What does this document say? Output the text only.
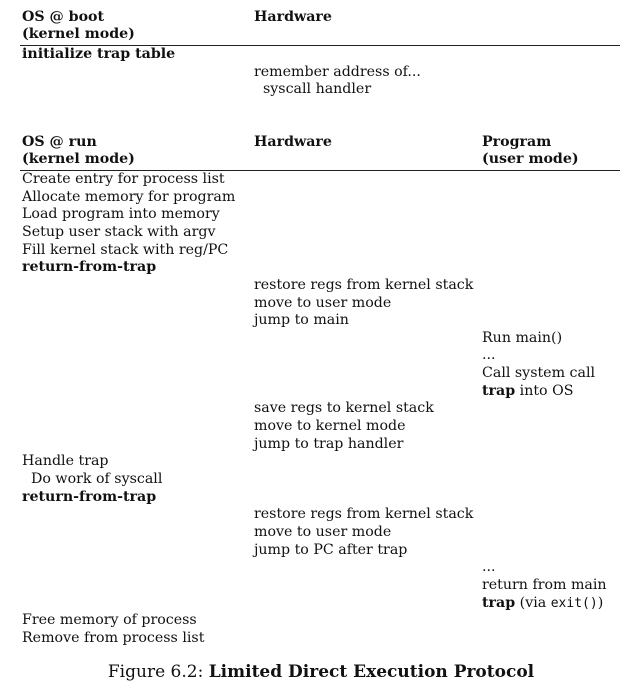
OS @ boot
(kernel mode)
Hardware
initialize trap table
remember address of...
syscall handler
OS @ run
(kernel mode)
Hardware	Program
(user mode)
Create entry for process list
Allocate memory for program
Load program into memory
Setup user stack with argv
Fill kernel stack with reg/PC
return-from-trap
restore regs from kernel stack
move to user mode
jump to main
Run main()
...
Call system call
trap into OS
save regs to kernel stack
move to kernel mode
jump to trap handler
Handle trap
Do work of syscall
return-from-trap
restore regs from kernel stack
move to user mode
jump to PC after trap
...
return from main
trap (via exit())
Free memory of process
Remove from process list
Figure 6.2: Limited Direct Execution Protocol
